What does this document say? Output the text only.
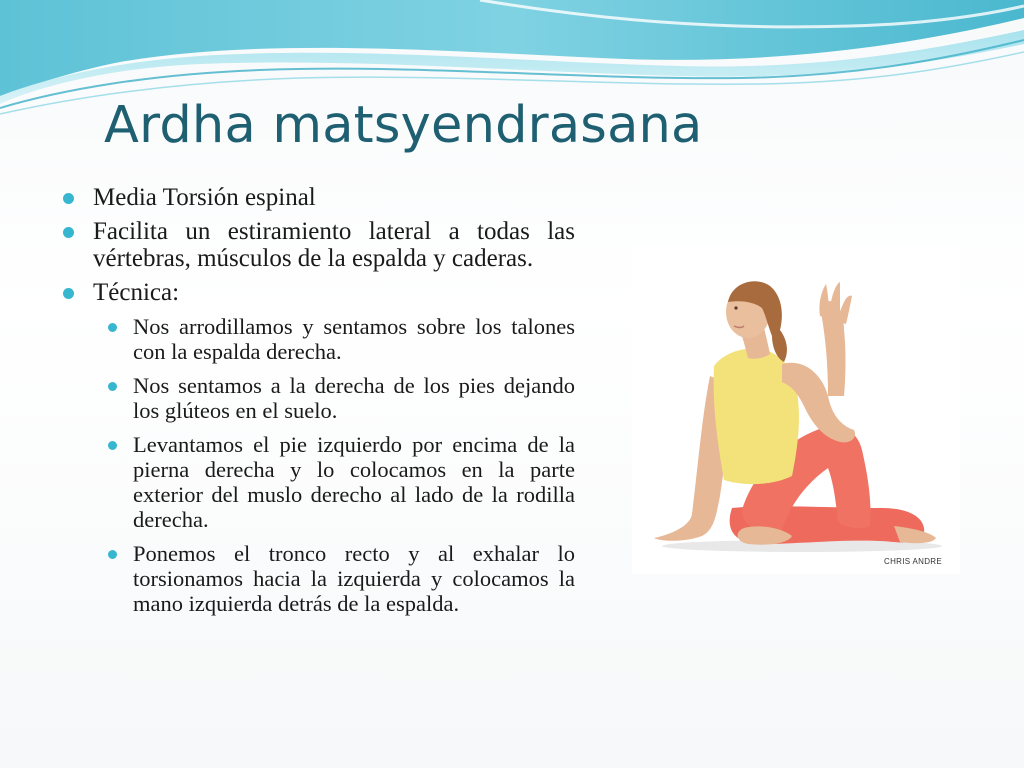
Ardha matsyendrasana
Media Torsión espinal
Facilita un estiramiento lateral a todas las vértebras, músculos de la espalda y caderas.
Técnica:
Nos arrodillamos y sentamos sobre los talones con la espalda derecha.
Nos sentamos a la derecha de los pies dejando los glúteos en el suelo.
Levantamos el pie izquierdo por encima de la pierna derecha y lo colocamos en la parte exterior del muslo derecho al lado de la rodilla derecha.
Ponemos el tronco recto y al exhalar lo torsionamos hacia la izquierda y colocamos la mano izquierda detrás de la espalda.
CHRIS ANDRE
